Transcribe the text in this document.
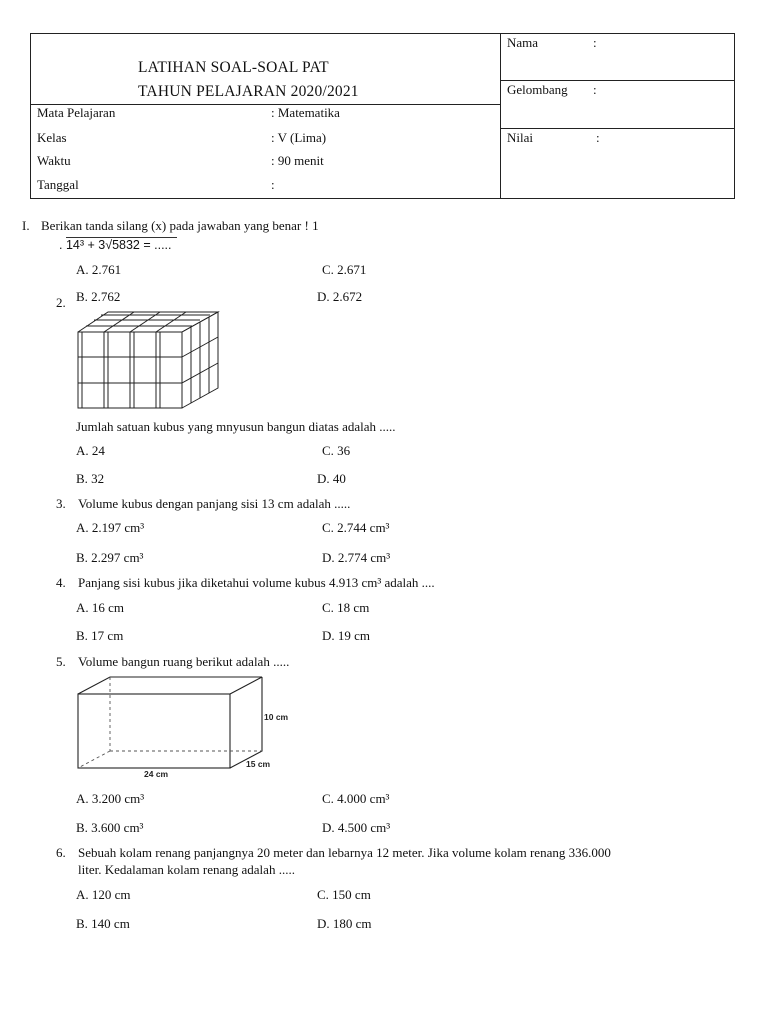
LATIHAN SOAL-SOAL PAT
TAHUN PELAJARAN 2020/2021
Mata Pelajaran	: Matematika
Kelas	: V (Lima)
Waktu	: 90 menit
Tanggal	:
Nama	:
Gelombang :
Nilai	:
I. Berikan tanda silang (x) pada jawaban yang benar ! 1
. 14³ + 3√5832 = .....
A. 2.761	C. 2.671
B. 2.762	D. 2.672
2.
Jumlah satuan kubus yang mnyusun bangun diatas adalah .....
A. 24	C. 36
B. 32	D. 40
3. Volume kubus dengan panjang sisi 13 cm adalah .....
A. 2.197 cm³	C. 2.744 cm³
B. 2.297 cm³	D. 2.774 cm³
4. Panjang sisi kubus jika diketahui volume kubus 4.913 cm³ adalah ....
A. 16 cm	C. 18 cm
B. 17 cm	D. 19 cm
5. Volume bangun ruang berikut adalah .....
10 cm
15 cm
24 cm
A. 3.200 cm³	C. 4.000 cm³
B. 3.600 cm³	D. 4.500 cm³
6. Sebuah kolam renang panjangnya 20 meter dan lebarnya 12 meter. Jika volume kolam renang 336.000
liter. Kedalaman kolam renang adalah .....
A. 120 cm	C. 150 cm
B. 140 cm	D. 180 cm
